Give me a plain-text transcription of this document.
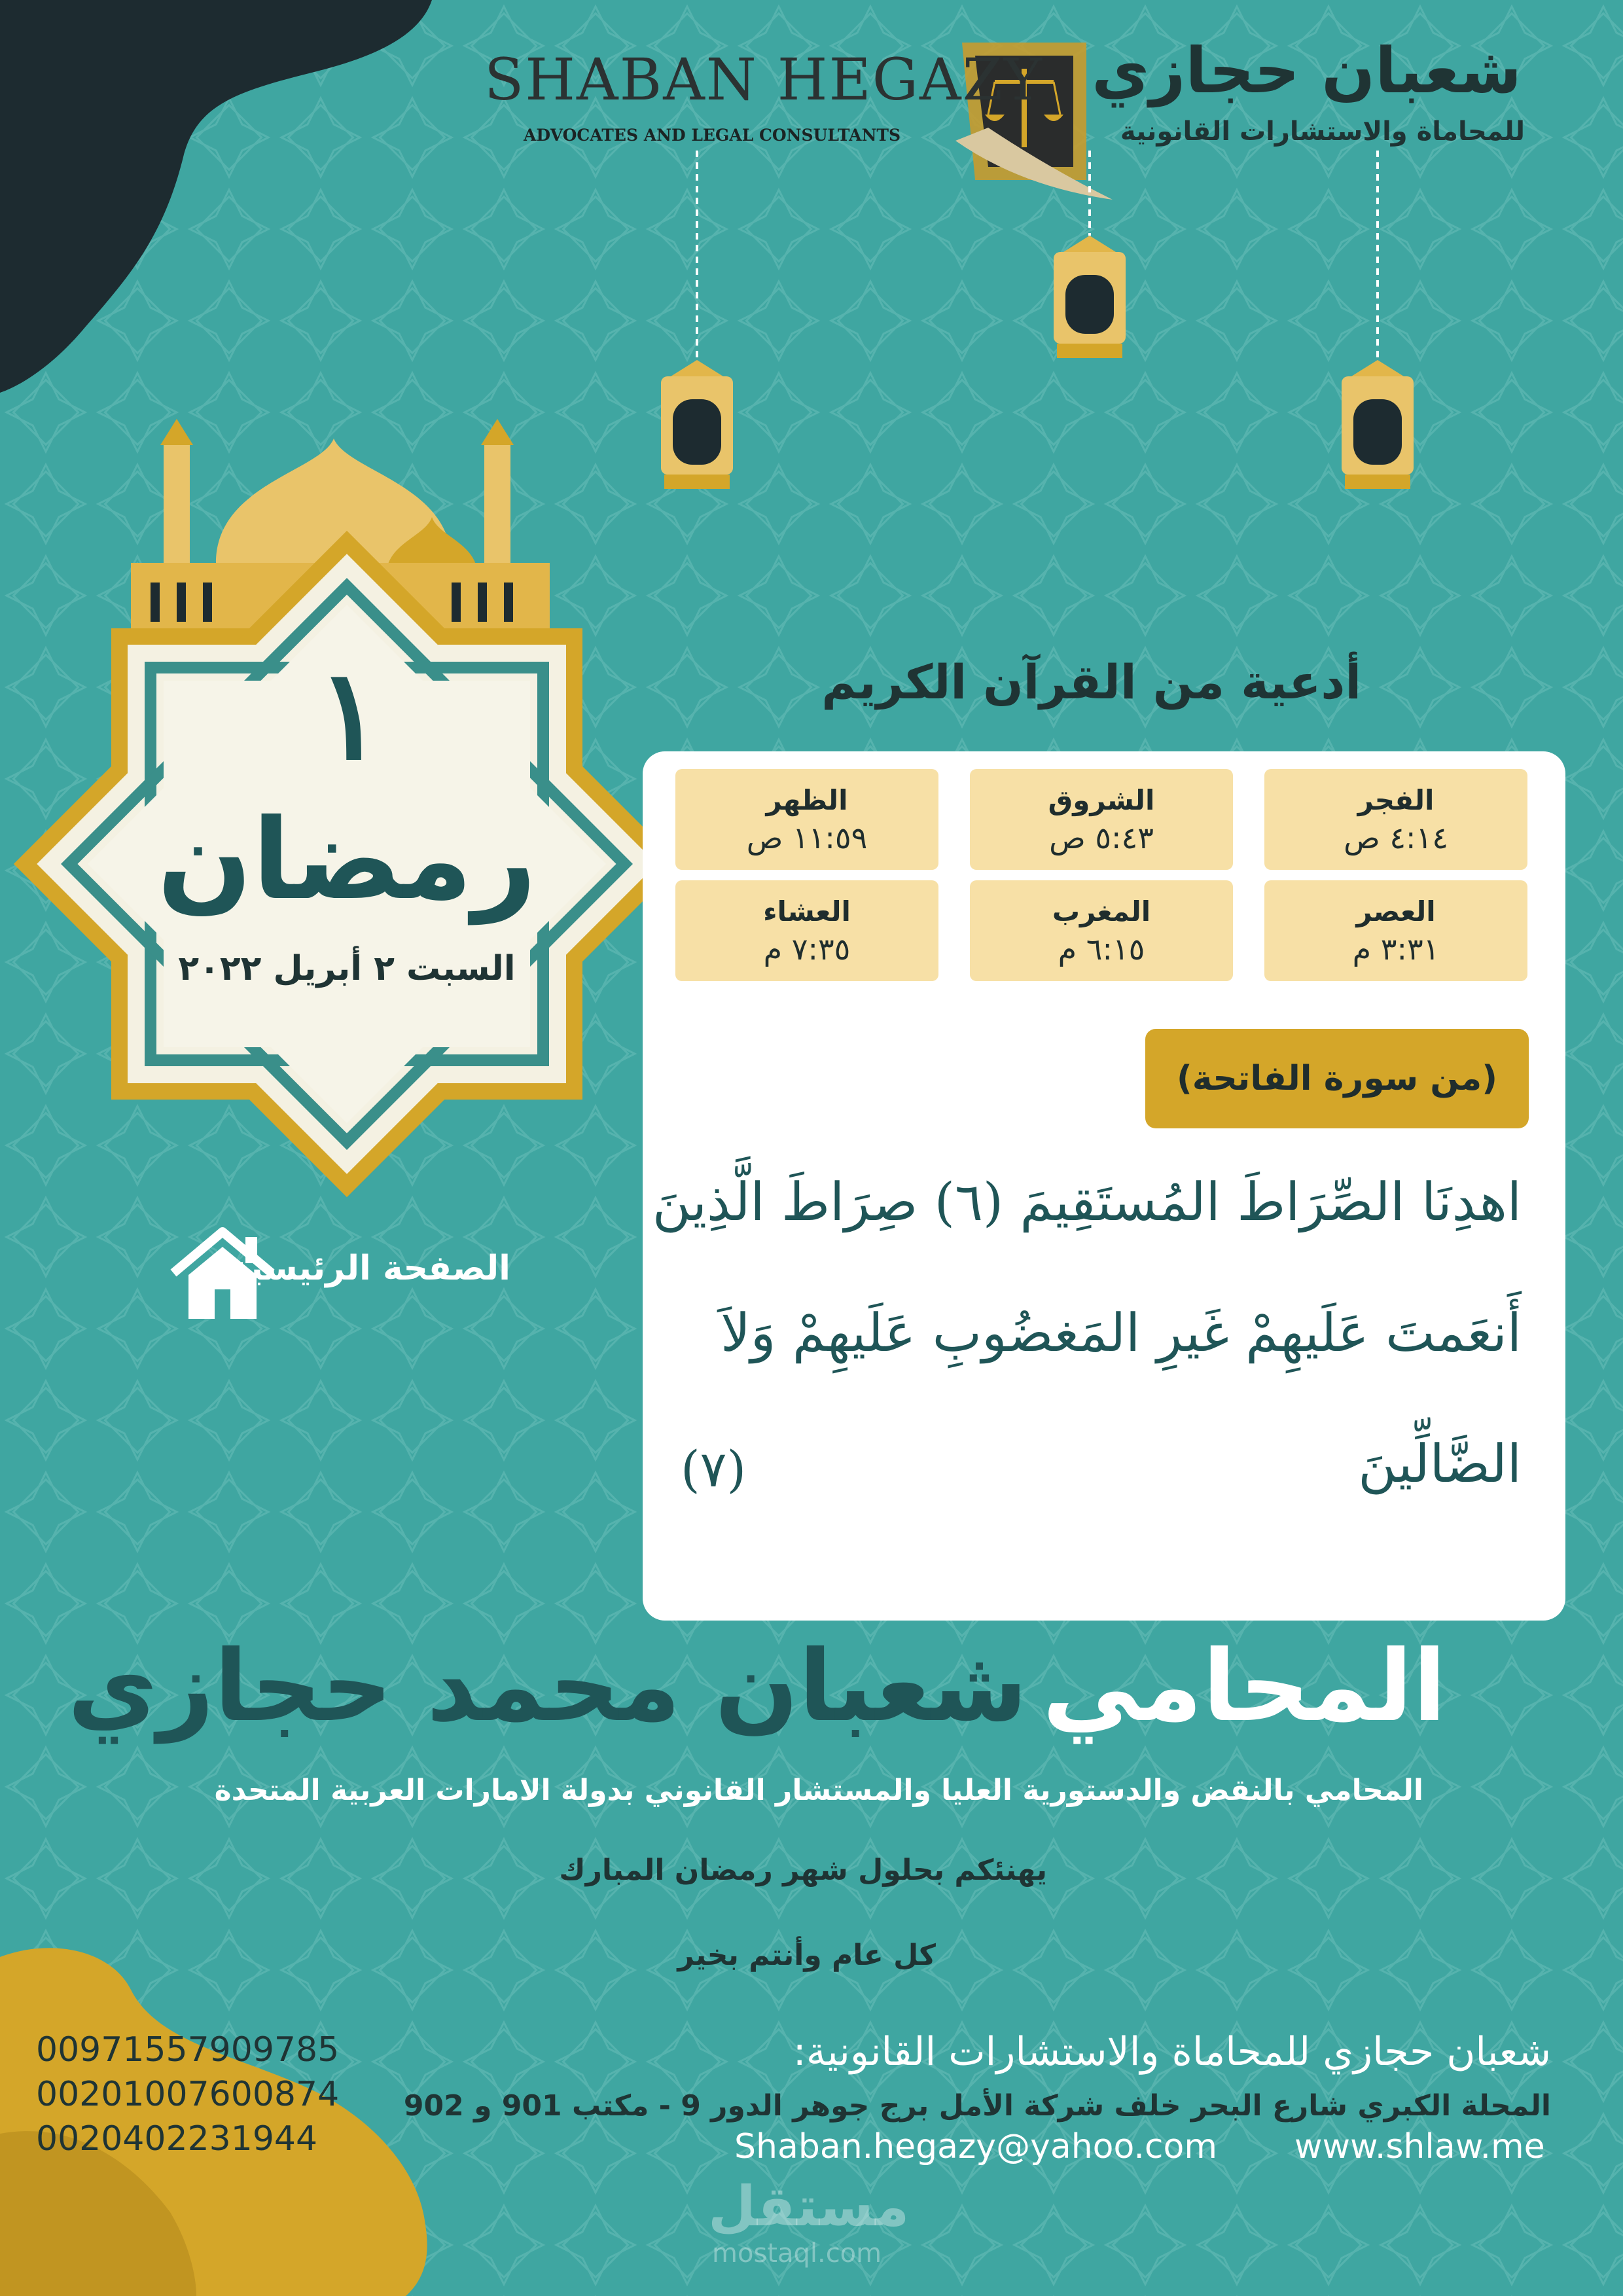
SHABAN HEGAZY
ADVOCATES AND LEGAL CONSULTANTS
شعبان حجازي
للمحاماة والاستشارات القانونية
١
رمضان
السبت ٢ أبريل ٢٠٢٢
الصفحة الرئيسية
أدعية من القرآن الكريم
الفجر
٤:١٤ ص
الشروق
٥:٤٣ ص
الظهر
١١:٥٩ ص
العصر
٣:٣١ م
المغرب
٦:١٥ م
العشاء
٧:٣٥ م
(من سورة الفاتحة)
اهدِنَا الصِّرَاطَ المُستَقِيمَ (٦) صِرَاطَ الَّذِينَ
أَنعَمتَ عَلَيهِمْ غَيرِ المَغضُوبِ عَلَيهِمْ وَلاَ
الضَّالِّينَ
(٧)
المحامي
شعبان محمد حجازي
المحامي بالنقض والدستورية العليا والمستشار القانوني بدولة الامارات العربية المتحدة
يهنئكم بحلول شهر رمضان المبارك
كل عام وأنتم بخير
00971557909785
00201007600874
0020402231944
شعبان حجازي للمحاماة والاستشارات القانونية:
المحلة الكبري شارع البحر خلف شركة الأمل برج جوهر الدور 9 - مكتب 901 و 902
Shaban.hegazy@yahoo.com www.shlaw.me
مستقل
mostaql.com
